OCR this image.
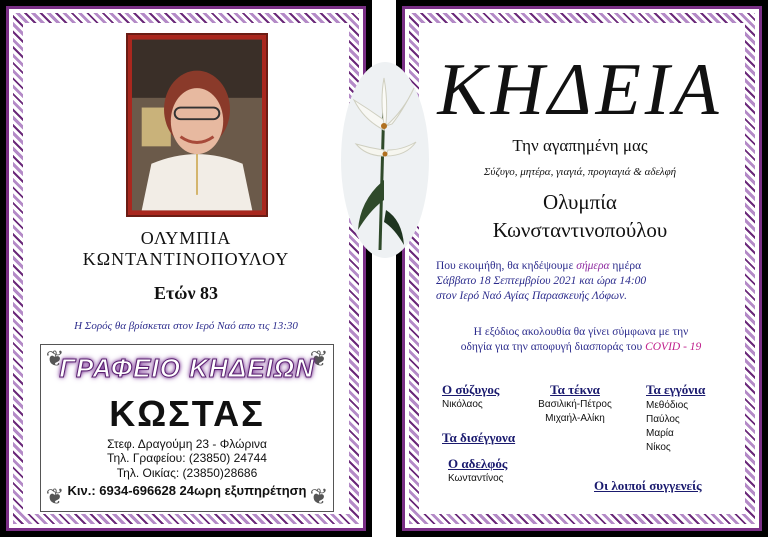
ΟΛΥΜΠΙΑ
ΚΩΝΤΑΝΤΙΝΟΠΟΥΛΟΥ
Ετών 83
Η Σορός θα βρίσκεται στον Ιερό Ναό απο τις 13:30
❦	❦
❦	❦
ΓΡΑΦΕΙΟ ΚΗΔΕΙΩΝ
ΚΩΣΤΑΣ
Στεφ. Δραγούμη 23 - Φλώρινα
Τηλ. Γραφείου: (23850) 24744
Τηλ. Οικίας: (23850)28686
Κιν.: 6934-696628 24ωρη εξυπηρέτηση
ΚΗΔΕΙΑ
Την αγαπημένη μας
Σύζυγο, μητέρα, γιαγιά, προγιαγιά & αδελφή
Ολυμπία
Κωνσταντινοπούλου
Που εκοιμήθη, θα κηδέψουμε σήμερα ημέρα
Σάββατο 18 Σεπτεμβρίου 2021 και ώρα 14:00
στον Ιερό Ναό Αγίας Παρασκευής Λόφων.
Η εξόδιος ακολουθία θα γίνει σύμφωνα με την
οδηγία για την αποφυγή διασποράς του COVID - 19
Ο σύζυγος
Νικόλαος
Τα τέκνα
Βασιλική-Πέτρος
Μιχαήλ-Αλίκη
Τα εγγόνια
Μεθόδιος
Παύλος
Μαρία
Νίκος
Τα δισέγγονα
Ο αδελφός
Κωνταντίνος	Οι λοιποί συγγενείς
